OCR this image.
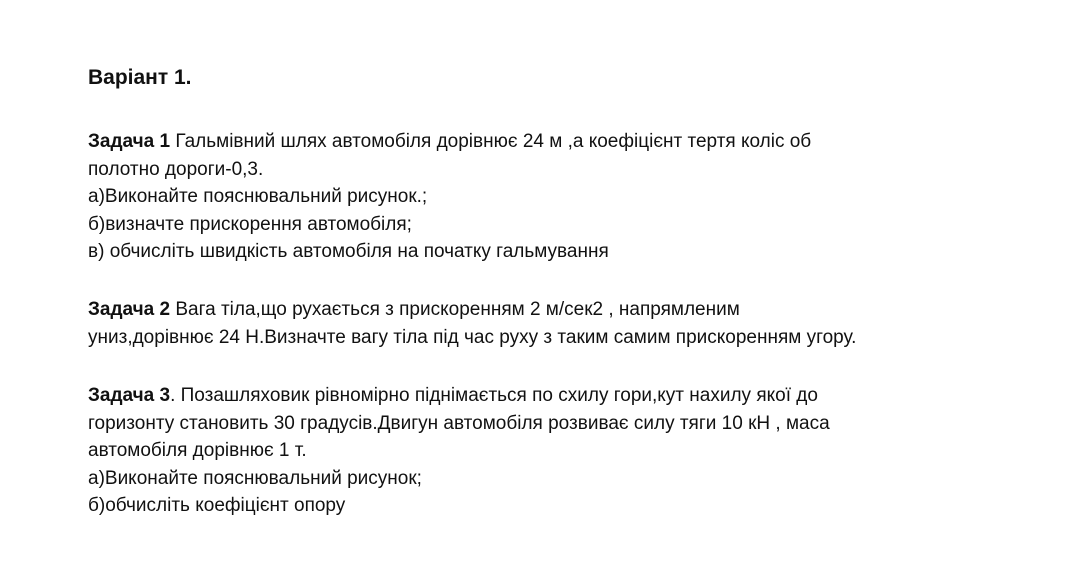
Варіант 1.
Задача 1 Гальмівний шлях автомобіля дорівнює 24 м ,а коефіцієнт тертя коліс об
полотно дороги-0,3.
а)Виконайте пояснювальний рисунок.;
б)визначте прискорення автомобіля;
в) обчисліть швидкість автомобіля на початку гальмування
Задача 2 Вага тіла,що рухається з прискоренням 2 м/сек2 , напрямленим
униз,дорівнює 24 Н.Визначте вагу тіла під час руху з таким самим прискоренням угору.
Задача 3. Позашляховик рівномірно піднімається по схилу гори,кут нахилу якої до
горизонту становить 30 градусів.Двигун автомобіля розвиває силу тяги 10 кН , маса
автомобіля дорівнює 1 т.
а)Виконайте пояснювальний рисунок;
б)обчисліть коефіцієнт опору
